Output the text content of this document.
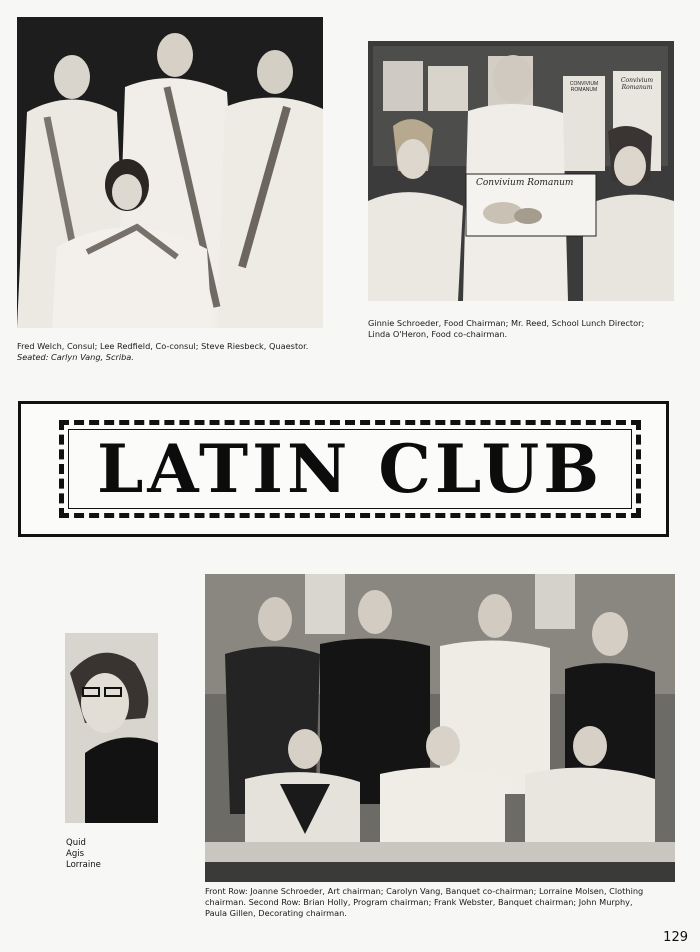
Fred Welch, Consul; Lee Redfield, Co-consul; Steve Riesbeck, Quaestor.
Seated: Carlyn Vang, Scriba.

Convivium Romanum
CONVIVIUM ROMANUM
Convivium Romanum

Ginnie Schroeder, Food Chairman; Mr. Reed, School Lunch Director;
Linda O'Heron, Food co-chairman.

LATIN CLUB
Quid
Agis
Lorraine

Front Row: Joanne Schroeder, Art chairman; Carolyn Vang, Banquet co-chairman; Lorraine Molsen, Clothing
chairman. Second Row: Brian Holly, Program chairman; Frank Webster, Banquet chairman; John Murphy,
Paula Gillen, Decorating chairman.

129
